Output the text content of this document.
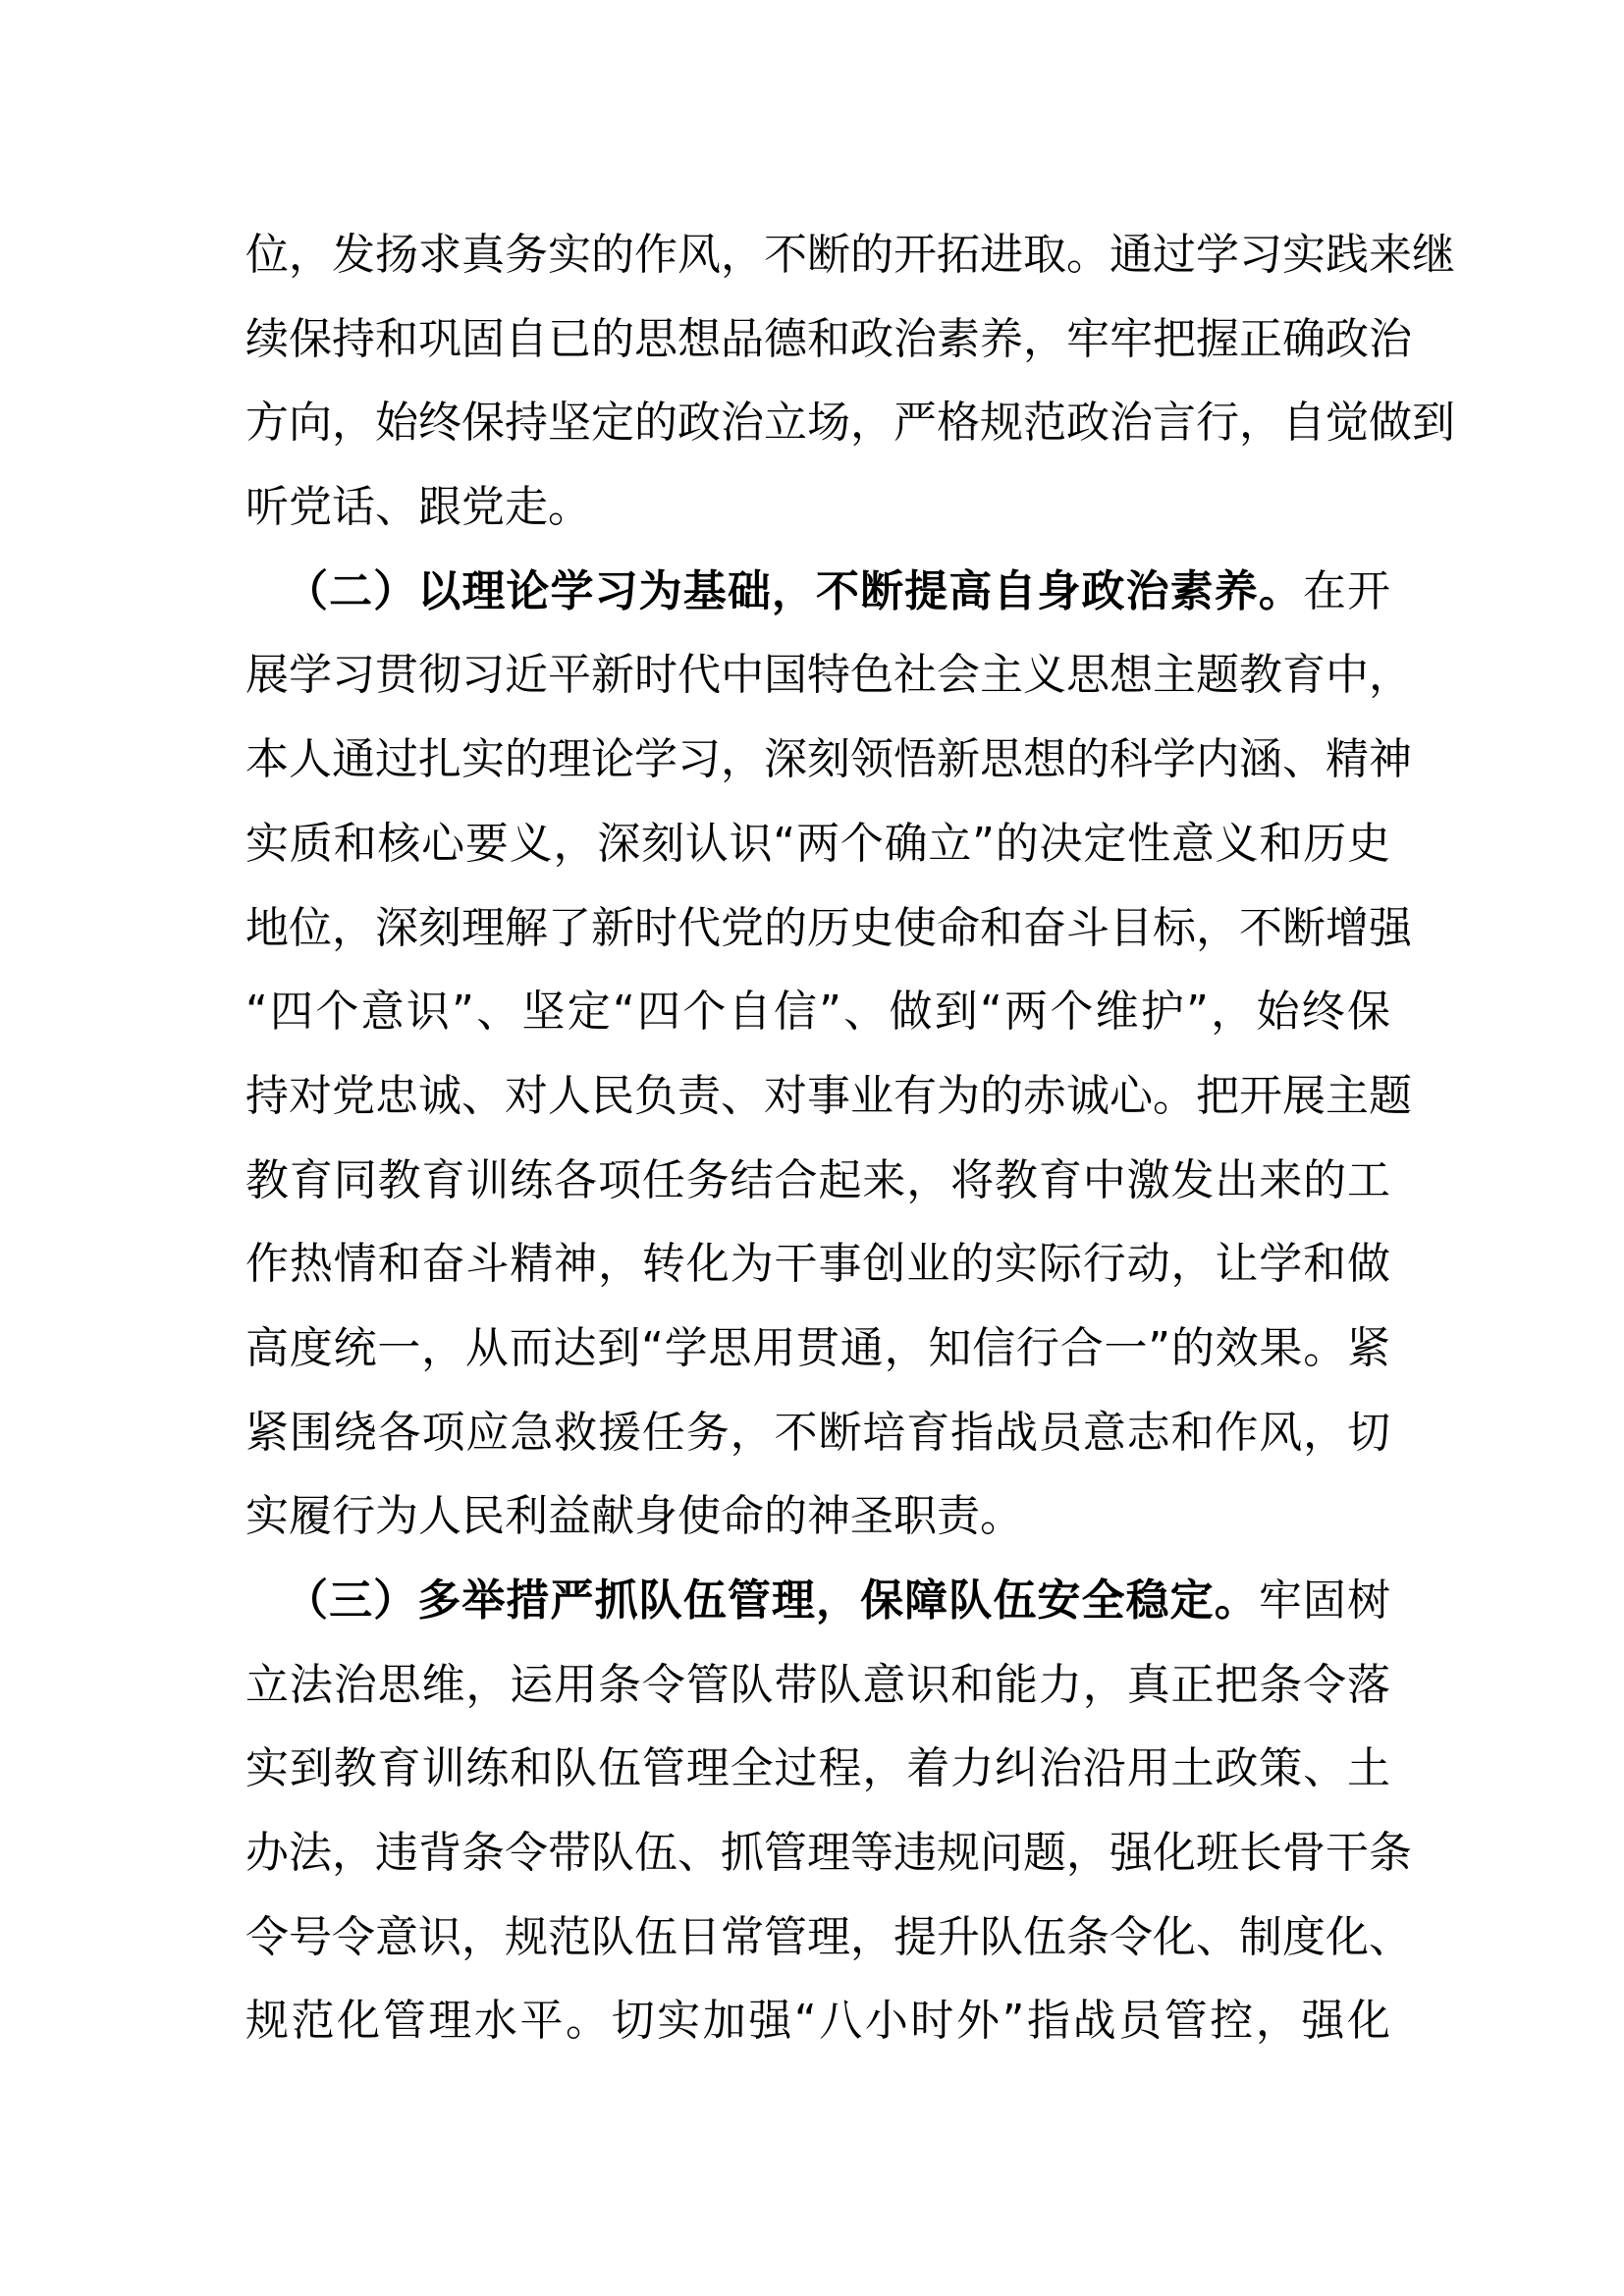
位，发扬求真务实的作风，不断的开拓进取。通过学习实践来继
续保持和巩固自已的思想品德和政治素养，牢牢把握正确政治
方向，始终保持坚定的政治立场，严格规范政治言行，自觉做到
听党话、跟党走。
（二）以理论学习为基础，不断提高自身政治素养。在开
展学习贯彻习近平新时代中国特色社会主义思想主题教育中，
本人通过扎实的理论学习，深刻领悟新思想的科学内涵、精神
实质和核心要义，深刻认识“两个确立”的决定性意义和历史
地位，深刻理解了新时代党的历史使命和奋斗目标，不断增强
“四个意识”、坚定“四个自信”、做到“两个维护”，始终保
持对党忠诚、对人民负责、对事业有为的赤诚心。把开展主题
教育同教育训练各项任务结合起来，将教育中激发出来的工
作热情和奋斗精神，转化为干事创业的实际行动，让学和做
高度统一，从而达到“学思用贯通，知信行合一”的效果。紧
紧围绕各项应急救援任务，不断培育指战员意志和作风，切
实履行为人民利益献身使命的神圣职责。
（三）多举措严抓队伍管理，保障队伍安全稳定。牢固树
立法治思维，运用条令管队带队意识和能力，真正把条令落
实到教育训练和队伍管理全过程，着力纠治沿用土政策、土
办法，违背条令带队伍、抓管理等违规问题，强化班长骨干条
令号令意识，规范队伍日常管理，提升队伍条令化、制度化、
规范化管理水平。切实加强“八小时外”指战员管控，强化
